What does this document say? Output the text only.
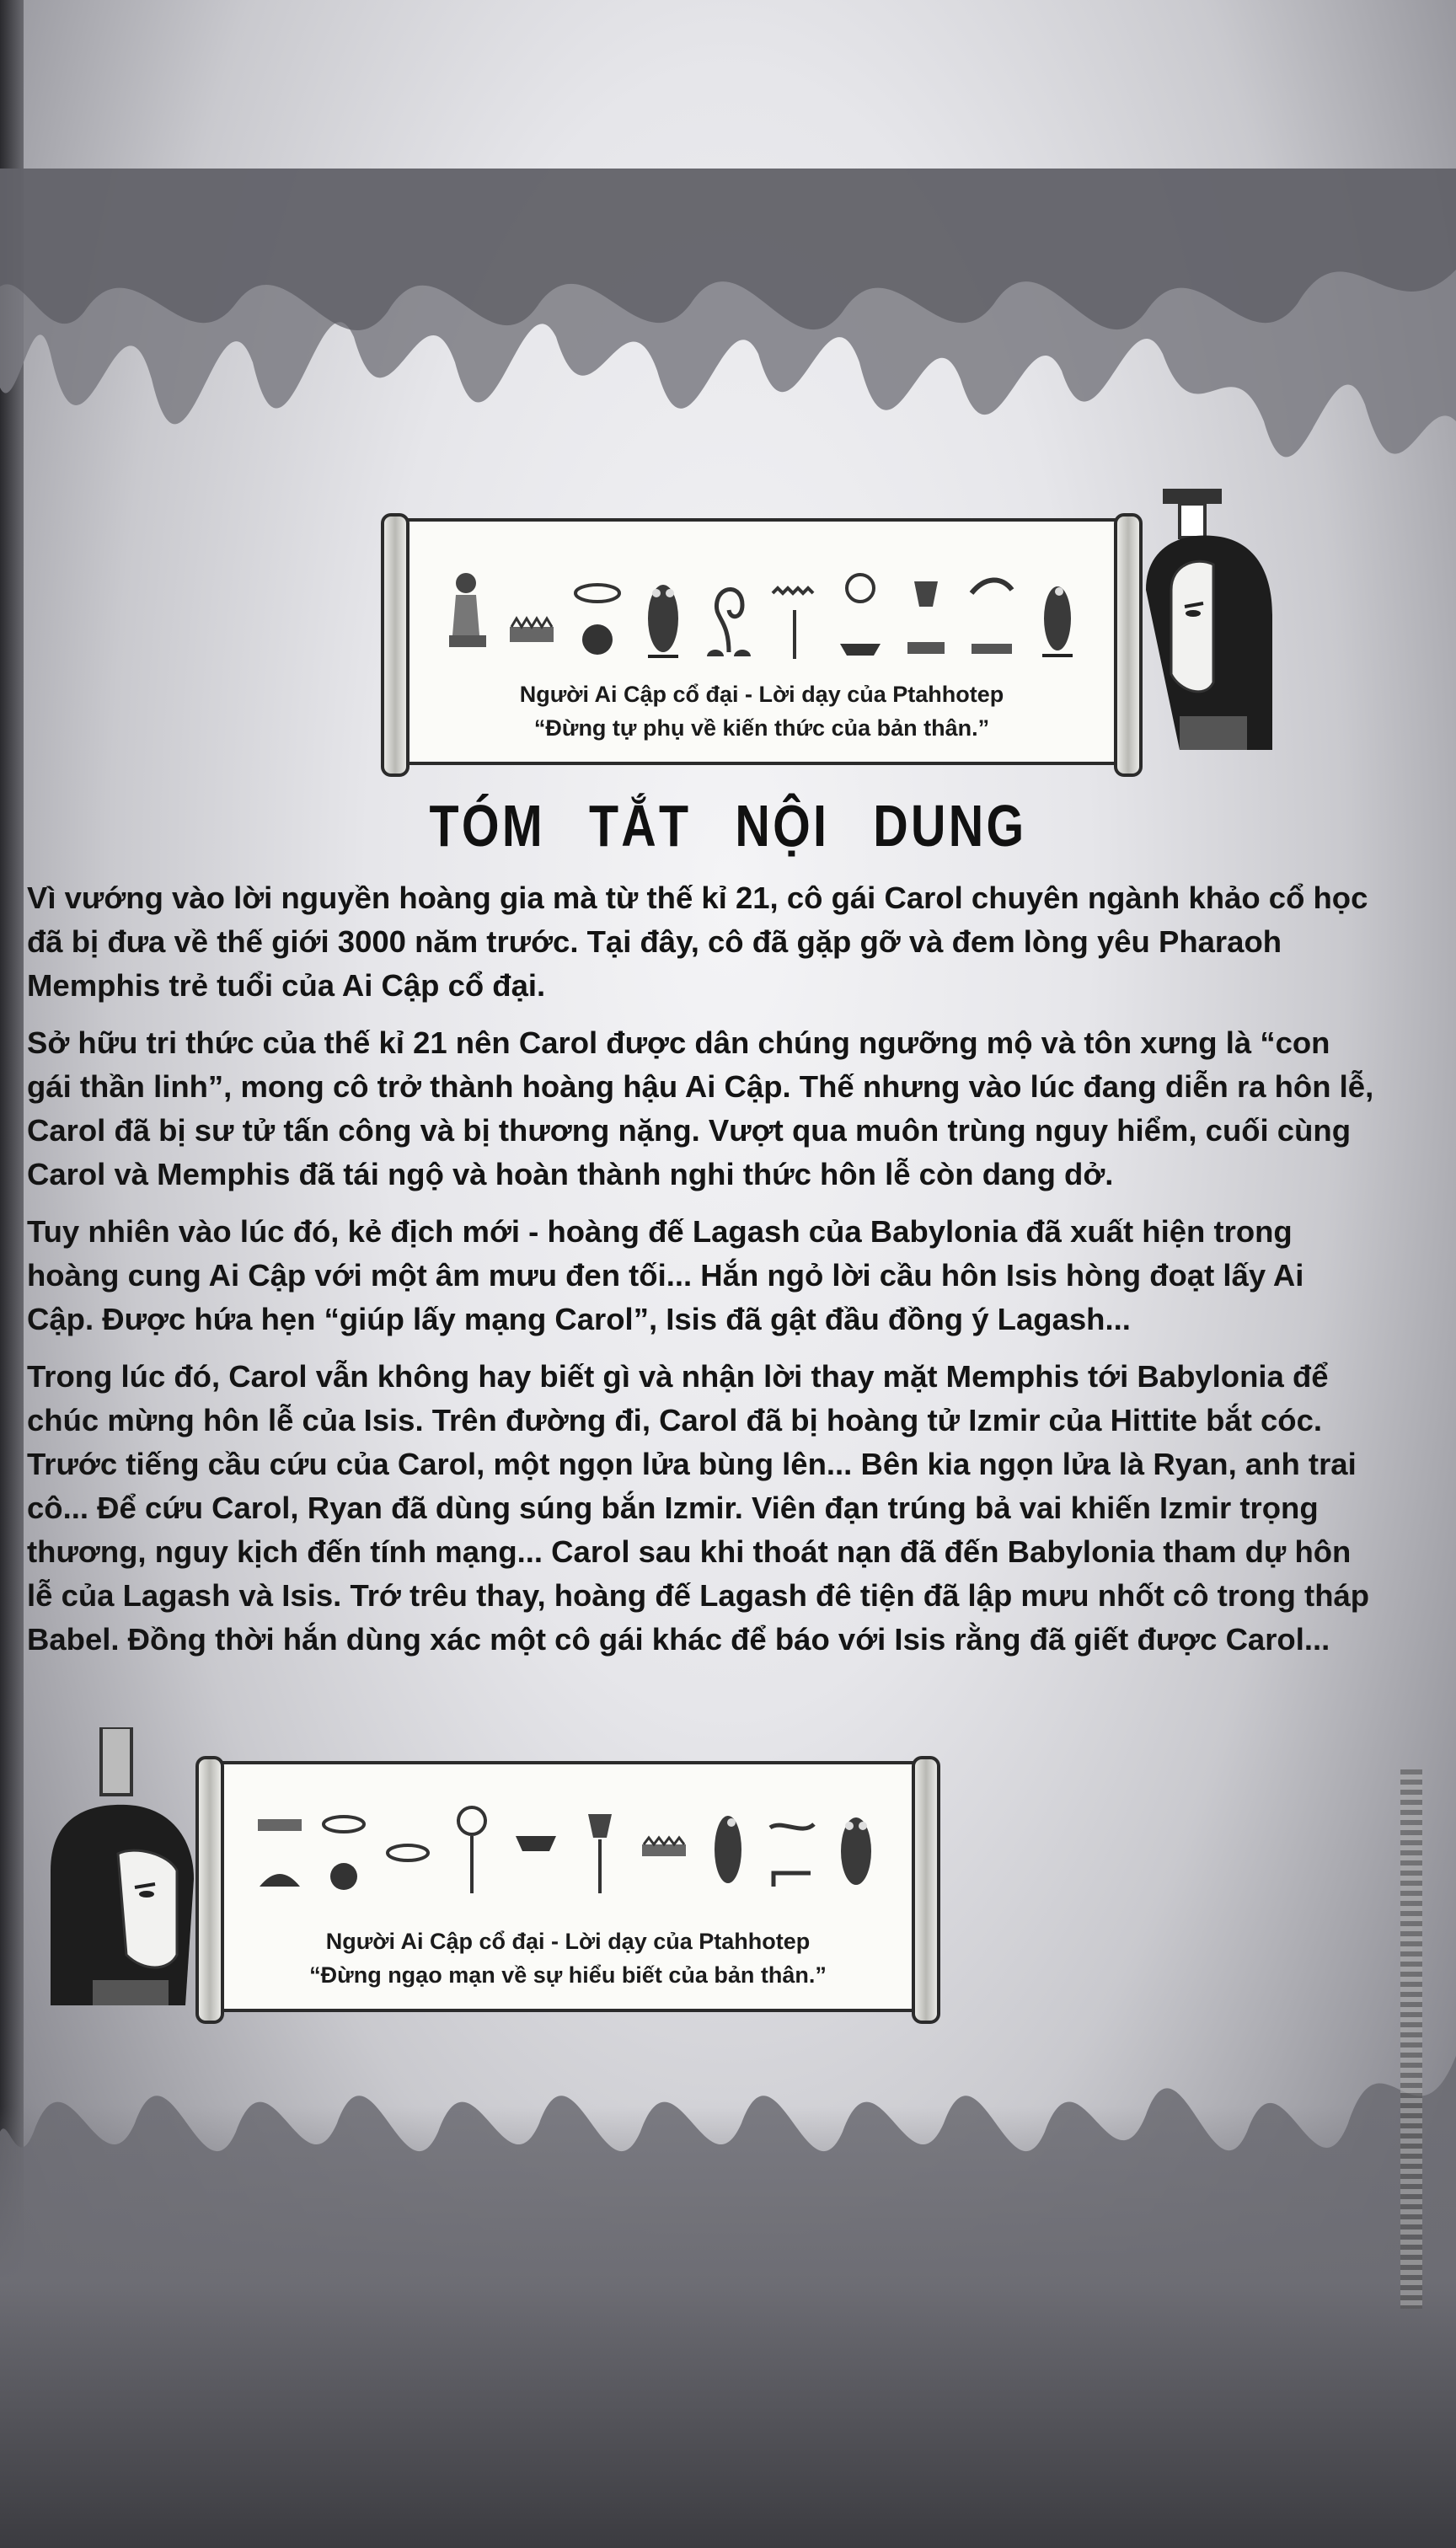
Người Ai Cập cổ đại - Lời dạy của Ptahhotep
“Đừng tự phụ về kiến thức của bản thân.”
TÓM TẮT NỘI DUNG

Vì vướng vào lời nguyền hoàng gia mà từ thế kỉ 21, cô gái Carol chuyên ngành khảo cổ học đã bị đưa về thế giới 3000 năm trước. Tại đây, cô đã gặp gỡ và đem lòng yêu Pharaoh Memphis trẻ tuổi của Ai Cập cổ đại.

Sở hữu tri thức của thế kỉ 21 nên Carol được dân chúng ngưỡng mộ và tôn xưng là “con gái thần linh”, mong cô trở thành hoàng hậu Ai Cập. Thế nhưng vào lúc đang diễn ra hôn lễ, Carol đã bị sư tử tấn công và bị thương nặng. Vượt qua muôn trùng nguy hiểm, cuối cùng Carol và Memphis đã tái ngộ và hoàn thành nghi thức hôn lễ còn dang dở.

Tuy nhiên vào lúc đó, kẻ địch mới - hoàng đế Lagash của Babylonia đã xuất hiện trong hoàng cung Ai Cập với một âm mưu đen tối... Hắn ngỏ lời cầu hôn Isis hòng đoạt lấy Ai Cập. Được hứa hẹn “giúp lấy mạng Carol”, Isis đã gật đầu đồng ý Lagash...

Trong lúc đó, Carol vẫn không hay biết gì và nhận lời thay mặt Memphis tới Babylonia để chúc mừng hôn lễ của Isis. Trên đường đi, Carol đã bị hoàng tử Izmir của Hittite bắt cóc. Trước tiếng cầu cứu của Carol, một ngọn lửa bùng lên... Bên kia ngọn lửa là Ryan, anh trai cô... Để cứu Carol, Ryan đã dùng súng bắn Izmir. Viên đạn trúng bả vai khiến Izmir trọng thương, nguy kịch đến tính mạng... Carol sau khi thoát nạn đã đến Babylonia tham dự hôn lễ của Lagash và Isis. Trớ trêu thay, hoàng đế Lagash đê tiện đã lập mưu nhốt cô trong tháp Babel. Đồng thời hắn dùng xác một cô gái khác để báo với Isis rằng đã giết được Carol...

Người Ai Cập cổ đại - Lời dạy của Ptahhotep
“Đừng ngạo mạn về sự hiểu biết của bản thân.”
